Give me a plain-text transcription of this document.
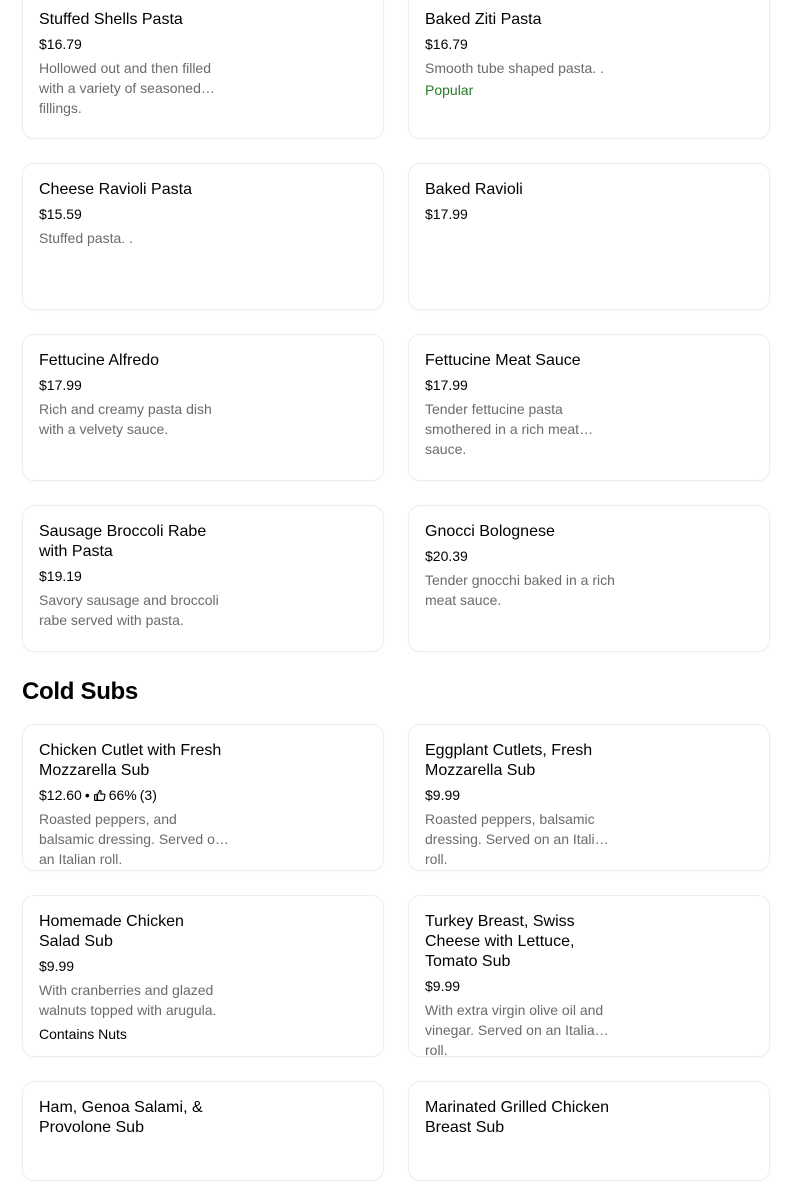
Stuffed Shells Pasta
$16.79
Hollowed out and then filled with a variety of seasoned fillings.
Baked Ziti Pasta
$16.79
Smooth tube shaped pasta. .
Popular
Cheese Ravioli Pasta
$15.59
Stuffed pasta. .
Baked Ravioli
$17.99
Fettucine Alfredo
$17.99
Rich and creamy pasta dish with a velvety sauce.
Fettucine Meat Sauce
$17.99
Tender fettucine pasta smothered in a rich meat sauce.
Sausage Broccoli Rabe with Pasta
$19.19
Savory sausage and broccoli rabe served with pasta.
Gnocci Bolognese
$20.39
Tender gnocchi baked in a rich meat sauce.
Cold Subs
Chicken Cutlet with Fresh Mozzarella Sub
$12.60 • 66% (3)
Roasted peppers, and balsamic dressing. Served on an Italian roll.
Eggplant Cutlets, Fresh Mozzarella Sub
$9.99
Roasted peppers, balsamic dressing. Served on an Italian roll.
Homemade Chicken Salad Sub
$9.99
With cranberries and glazed walnuts topped with arugula.
Contains Nuts
Turkey Breast, Swiss Cheese with Lettuce, Tomato Sub
$9.99
With extra virgin olive oil and vinegar. Served on an Italian roll.
Ham, Genoa Salami, & Provolone Sub
Marinated Grilled Chicken Breast Sub
